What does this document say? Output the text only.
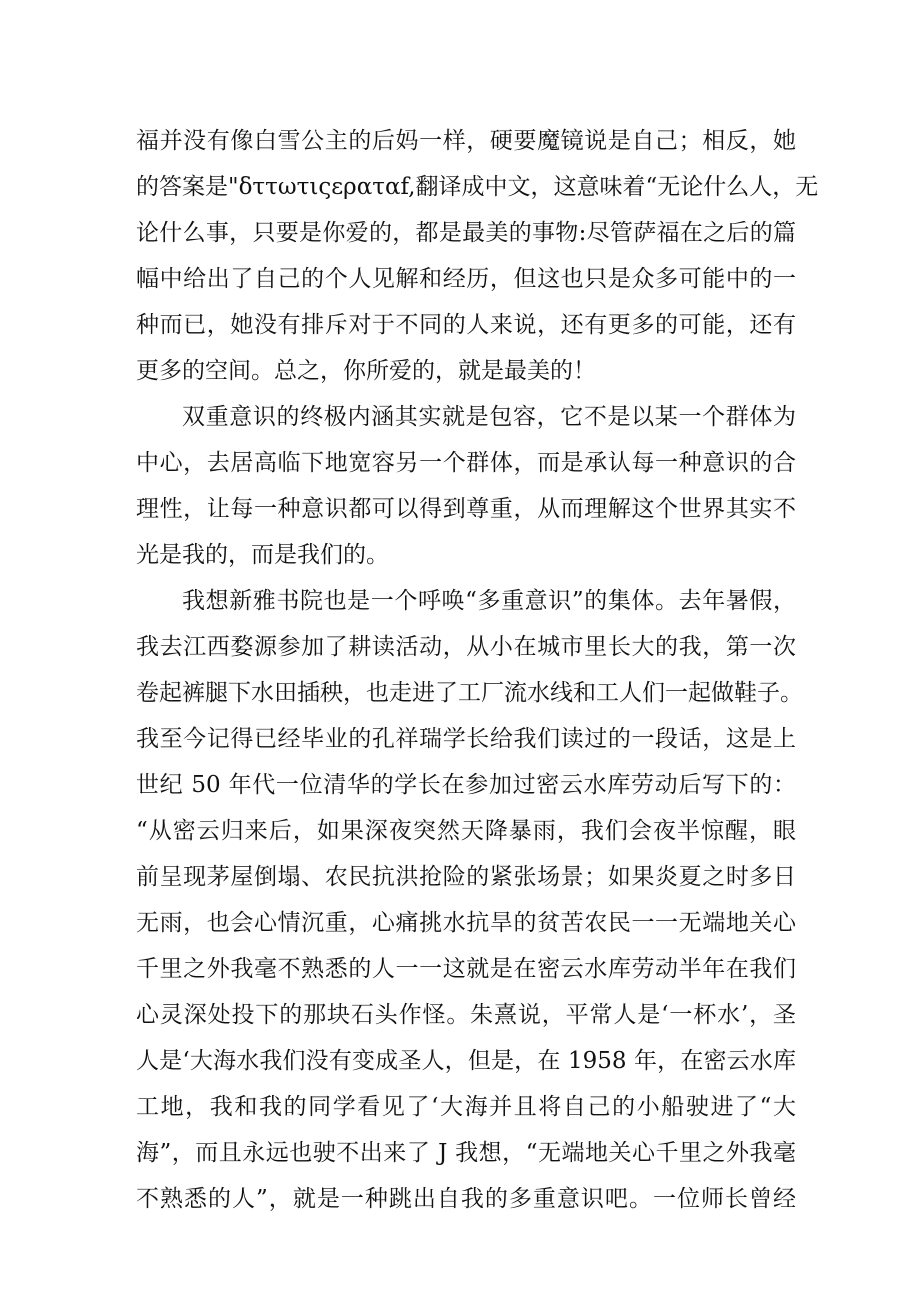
福并没有像白雪公主的后妈一样，硬要魔镜说是自己；相反，她
的答案是"δττωτιςεραταf,翻译成中文，这意味着“无论什么人，无
论什么事，只要是你爱的，都是最美的事物:尽管萨福在之后的篇
幅中给出了自己的个人见解和经历，但这也只是众多可能中的一
种而已，她没有排斥对于不同的人来说，还有更多的可能，还有
更多的空间。总之，你所爱的，就是最美的！
双重意识的终极内涵其实就是包容，它不是以某一个群体为
中心，去居高临下地宽容另一个群体，而是承认每一种意识的合
理性，让每一种意识都可以得到尊重，从而理解这个世界其实不
光是我的，而是我们的。
我想新雅书院也是一个呼唤“多重意识”的集体。去年暑假，
我去江西婺源参加了耕读活动，从小在城市里长大的我，第一次
卷起裤腿下水田插秧，也走进了工厂流水线和工人们一起做鞋子。
我至今记得已经毕业的孔祥瑞学长给我们读过的一段话，这是上
世纪 50 年代一位清华的学长在参加过密云水库劳动后写下的：
“从密云归来后，如果深夜突然天降暴雨，我们会夜半惊醒，眼
前呈现茅屋倒塌、农民抗洪抢险的紧张场景；如果炎夏之时多日
无雨，也会心情沉重，心痛挑水抗旱的贫苦农民一一无端地关心
千里之外我毫不熟悉的人一一这就是在密云水库劳动半年在我们
心灵深处投下的那块石头作怪。朱熹说，平常人是‘一杯水’，圣
人是‘大海水我们没有变成圣人，但是，在 1958 年，在密云水库
工地，我和我的同学看见了‘大海并且将自己的小船驶进了“大
海”，而且永远也驶不出来了 J 我想，“无端地关心千里之外我毫
不熟悉的人”，就是一种跳出自我的多重意识吧。一位师长曾经
